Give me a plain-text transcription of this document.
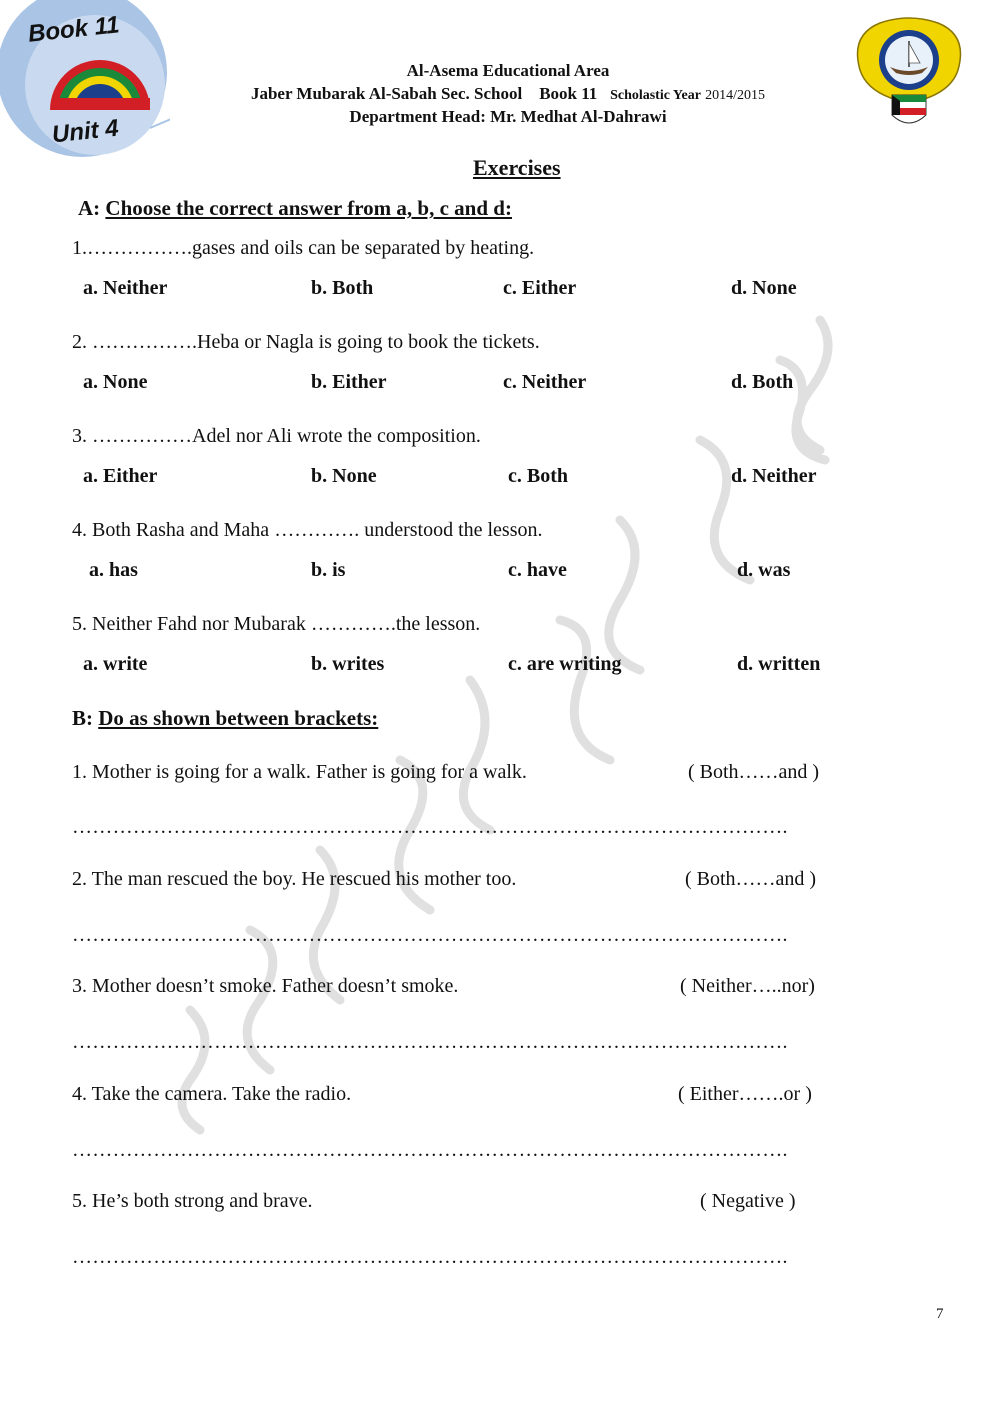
Book 11
Unit 4
Al-Asema Educational Area
Jaber Mubarak Al-Sabah Sec. School Book 11 Scholastic Year 2014/2015
Department Head: Mr. Medhat Al-Dahrawi
Exercises
A: Choose the correct answer from a, b, c and d:
1.…………….gases and oils can be separated by heating.
a. Neither	b. Both	c. Either	d. None
2. …………….Heba or Nagla is going to book the tickets.
a. None	b. Either	c. Neither	d. Both
3. ……………Adel nor Ali wrote the composition.
a. Either	b. None	c. Both	d. Neither
4. Both Rasha and Maha …………. understood the lesson.
a. has	b. is	c. have	d. was
5. Neither Fahd nor Mubarak ………….the lesson.
a. write	b. writes	c. are writing	d. written
B: Do as shown between brackets:
1. Mother is going for a walk. Father is going for a walk.	( Both……and )
…………………………………………………………………………………………….
2. The man rescued the boy. He rescued his mother too.	( Both……and )
…………………………………………………………………………………………….
3. Mother doesn’t smoke. Father doesn’t smoke.	( Neither…..nor)
…………………………………………………………………………………………….
4. Take the camera. Take the radio.	( Either…….or )
…………………………………………………………………………………………….
5. He’s both strong and brave.	( Negative )
…………………………………………………………………………………………….
7
